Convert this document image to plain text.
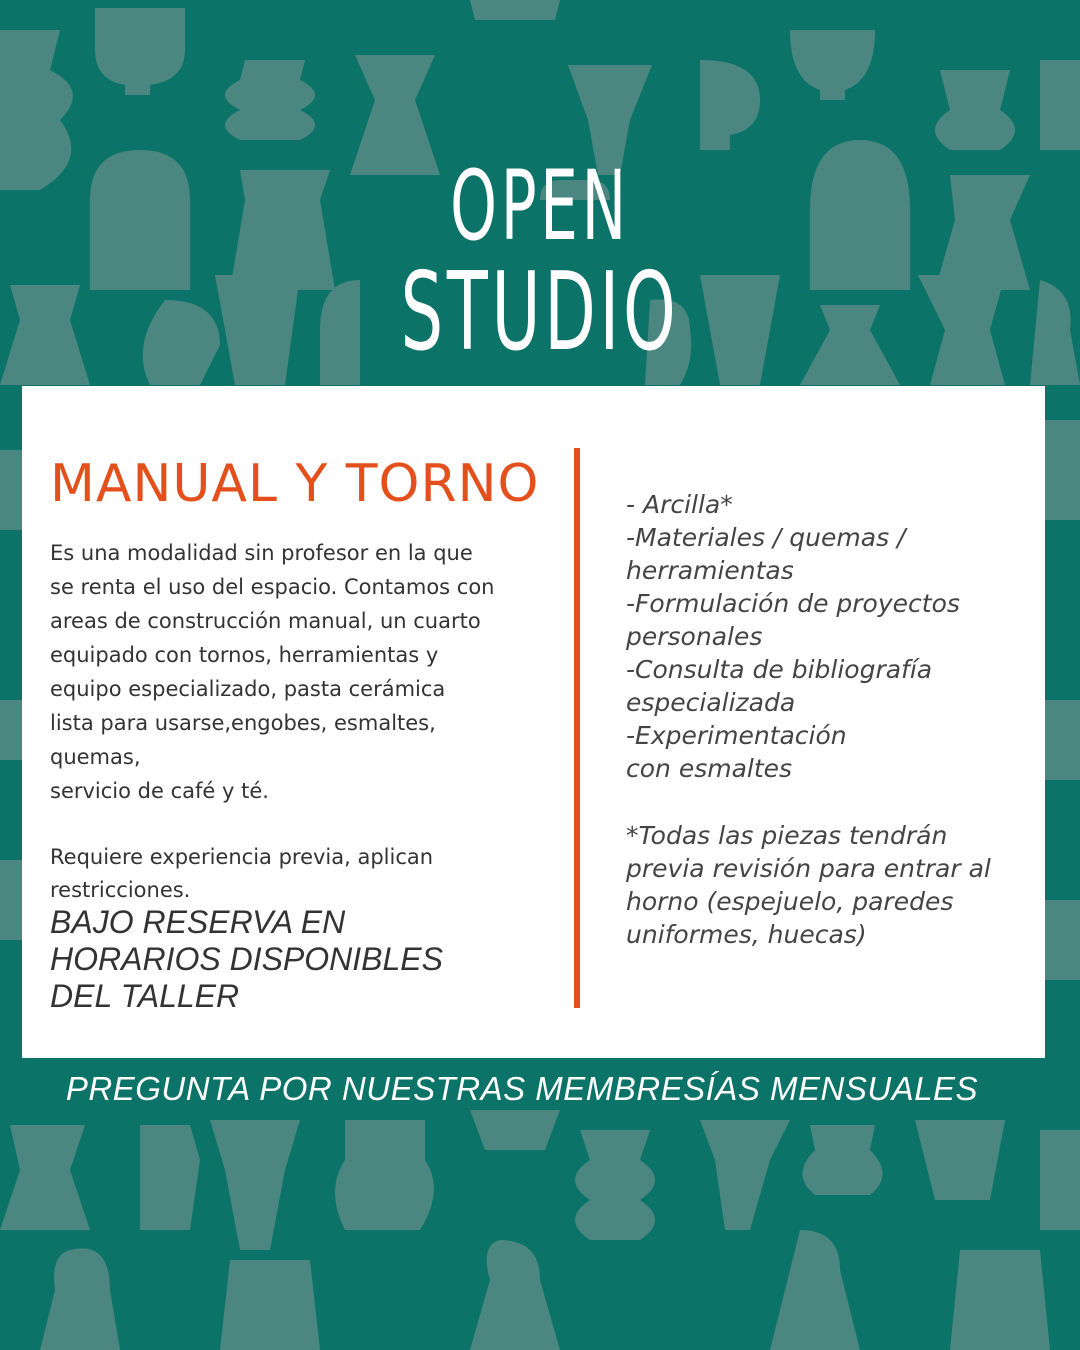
OPEN
STUDIO
MANUAL Y TORNO

Es una modalidad sin profesor en la que
se renta el uso del espacio. Contamos con
areas de construcción manual, un cuarto
equipado con tornos, herramientas y
equipo especializado, pasta cerámica
lista para usarse,engobes, esmaltes,
quemas,
servicio de café y té.

Requiere experiencia previa, aplican restricciones.

BAJO RESERVA EN
HORARIOS DISPONIBLES
DEL TALLER

- Arcilla*
-Materiales / quemas /
herramientas
-Formulación de proyectos
personales
-Consulta de bibliografía
especializada
-Experimentación
con esmaltes

*Todas las piezas tendrán
previa revisión para entrar al
horno (espejuelo, paredes
uniformes, huecas)

PREGUNTA POR NUESTRAS MEMBRESÍAS MENSUALES
